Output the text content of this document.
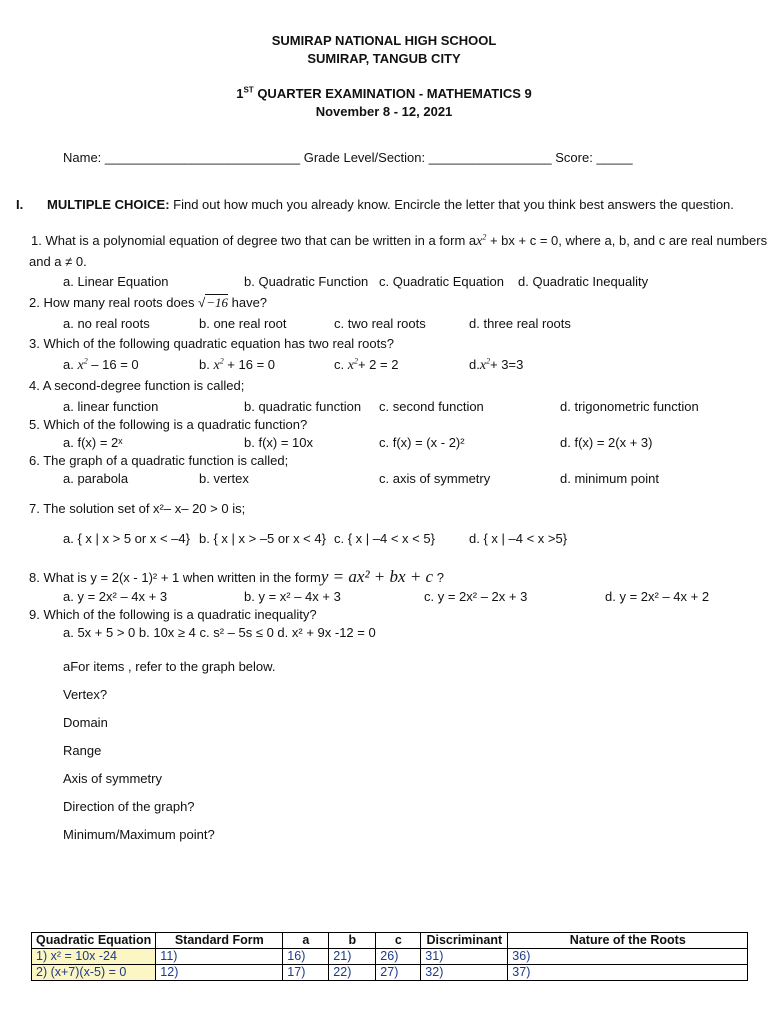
SUMIRAP NATIONAL HIGH SCHOOL
SUMIRAP, TANGUB CITY
1ST QUARTER EXAMINATION - MATHEMATICS 9
November 8 - 12, 2021
Name: ___________________________ Grade Level/Section: _________________ Score: _____
I. MULTIPLE CHOICE: Find out how much you already know. Encircle the letter that you think best answers the question.
1. What is a polynomial equation of degree two that can be written in a form $ax^2$ + bx + c = 0, where a, b, and c are real numbers
and a ≠ 0.
a. Linear Equation	b. Quadratic Function c. Quadratic Equation d. Quadratic Inequality
2. How many real roots does √−16 have?
a. no real roots	b. one real root	c. two real roots	d. three real roots
3. Which of the following quadratic equation has two real roots?
a. $x^2 - 16 = 0$	b. $x^2 + 16 = 0$	c. $x^2+ 2 = 2$	$d.x^2+ 3=3$
4. A second-degree function is called;
a. linear function	b. quadratic function c. second function	d. trigonometric function
5. Which of the following is a quadratic function?
a. f(x) = 2ˣ	b. f(x) = 10x	c. f(x) = (x - 2)²	d. f(x) = 2(x + 3)
6. The graph of a quadratic function is called;
a. parabola	b. vertex	c. axis of symmetry	d. minimum point
7. The solution set of x²– x– 20 > 0 is;
a. { x | x > 5 or x < –4} b. { x | x > –5 or x < 4} c. { x | –4 < x < 5}	d. { x | –4 < x >5}
8. What is y = 2(x - 1)² + 1 when written in the formy = ax² + bx + c ?
a. y = 2x² – 4x + 3	b. y = x² – 4x + 3	c. y = 2x² – 2x + 3	d. y = 2x² – 4x + 2
9. Which of the following is a quadratic inequality?
a. 5x + 5 > 0 b. 10x ≥ 4 c. s² – 5s ≤ 0 d. x² + 9x -12 = 0
aFor items , refer to the graph below.
Vertex?
Domain
Range
Axis of symmetry
Direction of the graph?
Minimum/Maximum point?
Quadratic Equation	Standard Form	a	b	c	Discriminant	Nature of the Roots
1) x² = 10x -24	11)	16)	21)	26)	31)	36)
2) (x+7)(x-5) = 0	12)	17)	22)	27)	32)	37)
